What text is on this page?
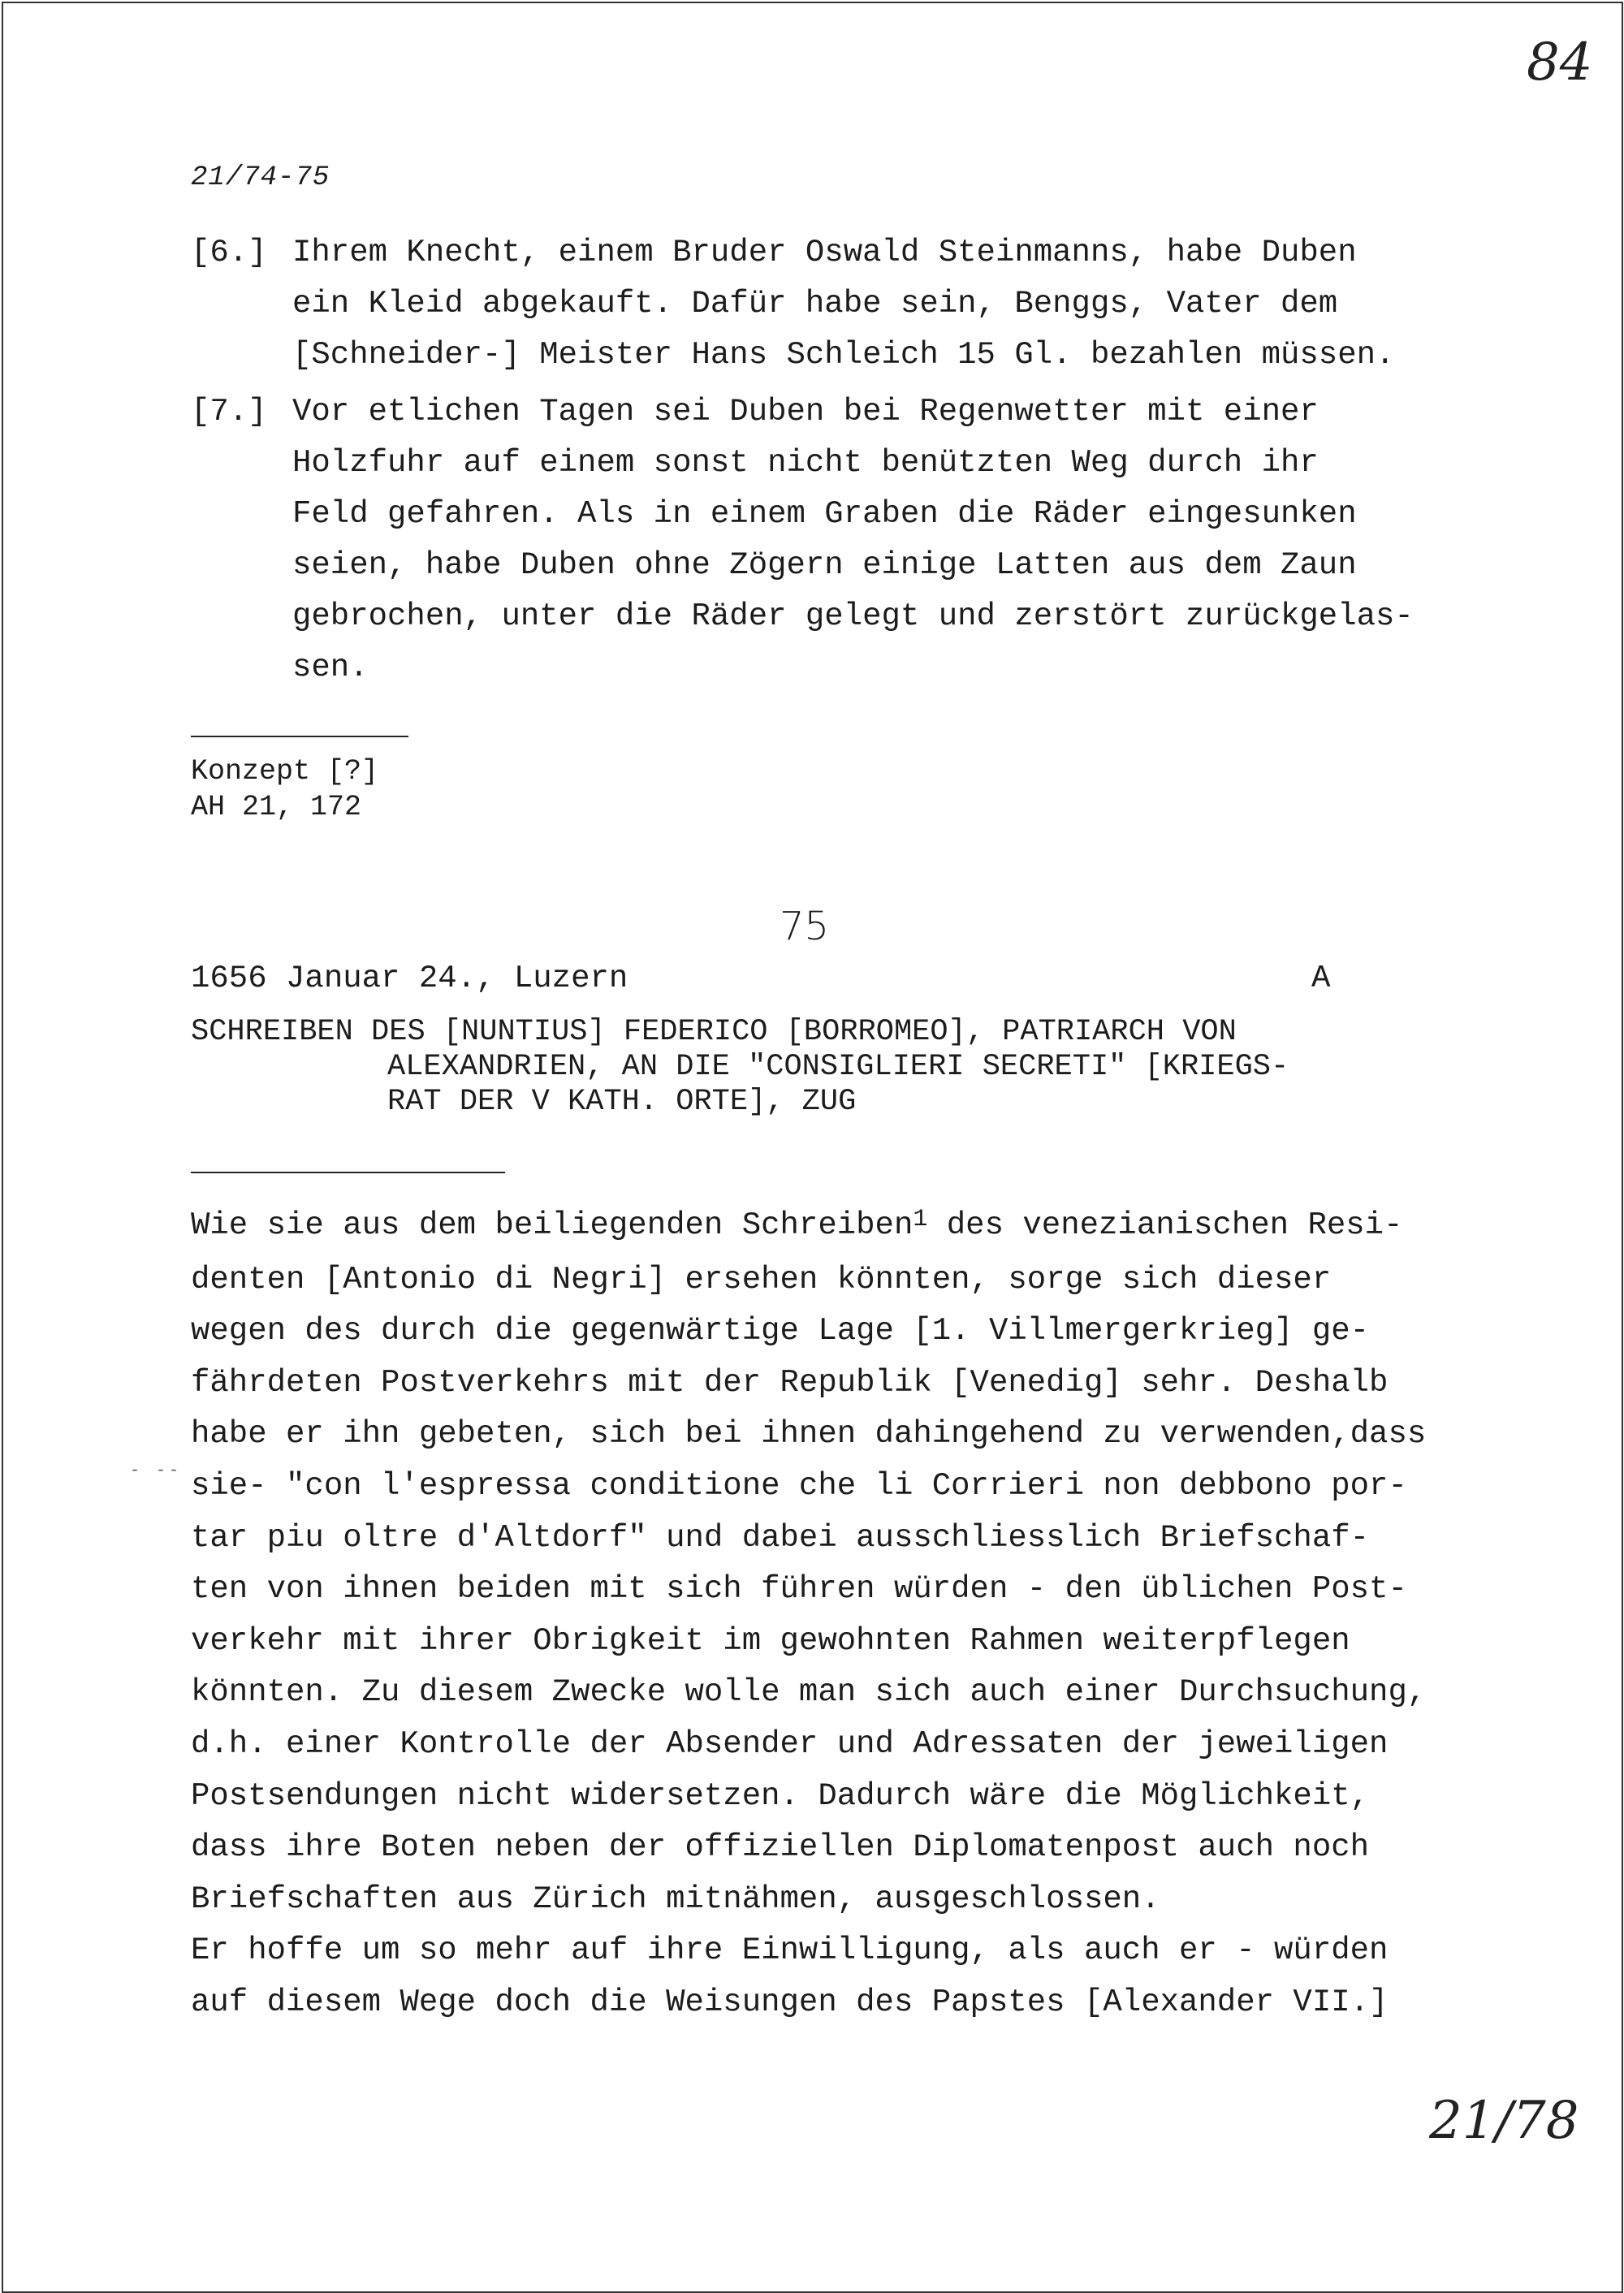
84
21/74-75
[6.] Ihrem Knecht, einem Bruder Oswald Steinmanns, habe Duben
ein Kleid abgekauft. Dafür habe sein, Benggs, Vater dem
[Schneider-] Meister Hans Schleich 15 Gl. bezahlen müssen.
[7.] Vor etlichen Tagen sei Duben bei Regenwetter mit einer
Holzfuhr auf einem sonst nicht benützten Weg durch ihr
Feld gefahren. Als in einem Graben die Räder eingesunken
seien, habe Duben ohne Zögern einige Latten aus dem Zaun
gebrochen, unter die Räder gelegt und zerstört zurückgelas-
sen.
Konzept [?]
AH 21, 172
75
1656 Januar 24., Luzern	A
SCHREIBEN DES [NUNTIUS] FEDERICO [BORROMEO], PATRIARCH VON
ALEXANDRIEN, AN DIE "CONSIGLIERI SECRETI" [KRIEGS-
RAT DER V KATH. ORTE], ZUG
- --
Wie sie aus dem beiliegenden Schreiben$^1$ des venezianischen Resi-
denten [Antonio di Negri] ersehen könnten, sorge sich dieser
wegen des durch die gegenwärtige Lage [1. Villmergerkrieg] ge-
fährdeten Postverkehrs mit der Republik [Venedig] sehr. Deshalb
habe er ihn gebeten, sich bei ihnen dahingehend zu verwenden,dass
sie- "con l'espressa conditione che li Corrieri non debbono por-
tar piu oltre d'Altdorf" und dabei ausschliesslich Briefschaf-
ten von ihnen beiden mit sich führen würden - den üblichen Post-
verkehr mit ihrer Obrigkeit im gewohnten Rahmen weiterpflegen
könnten. Zu diesem Zwecke wolle man sich auch einer Durchsuchung,
d.h. einer Kontrolle der Absender und Adressaten der jeweiligen
Postsendungen nicht widersetzen. Dadurch wäre die Möglichkeit,
dass ihre Boten neben der offiziellen Diplomatenpost auch noch
Briefschaften aus Zürich mitnähmen, ausgeschlossen.
Er hoffe um so mehr auf ihre Einwilligung, als auch er - würden
auf diesem Wege doch die Weisungen des Papstes [Alexander VII.]
21/78
